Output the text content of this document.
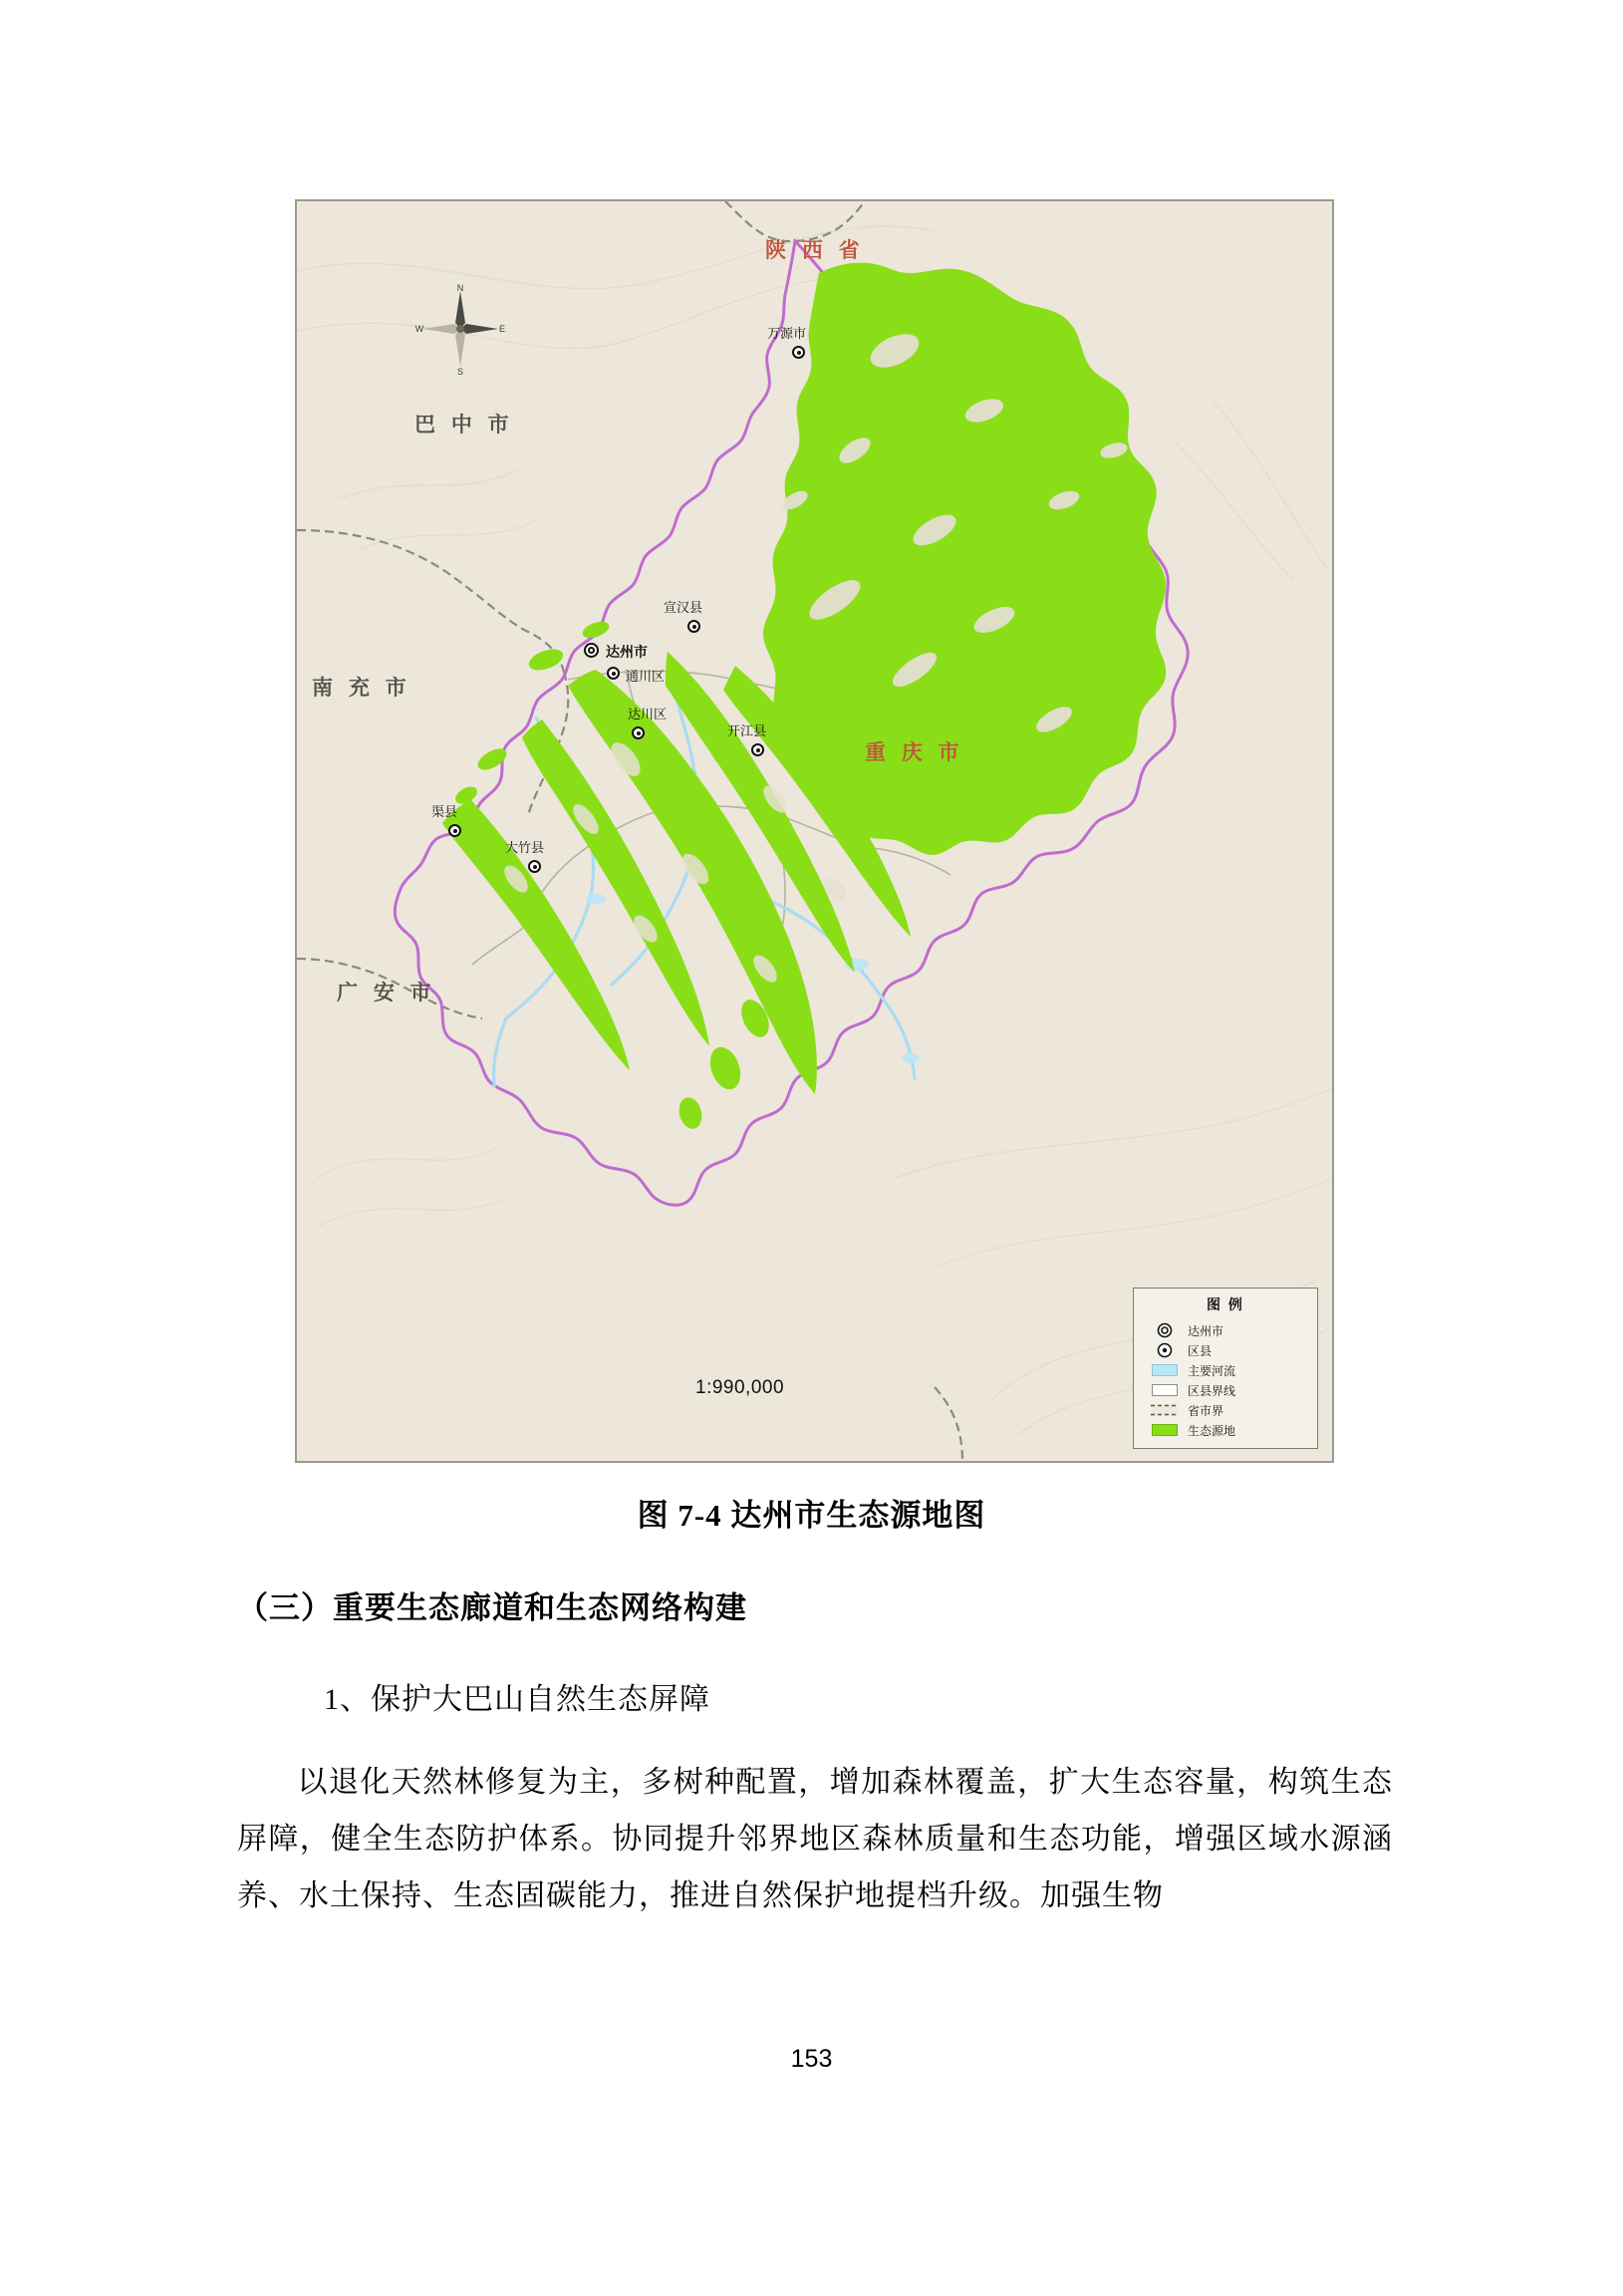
N
S
E
W
陕 西 省
巴 中 市
南 充 市
重 庆 市
广 安 市
万源市
宣汉县
达州市
通川区
达川区
开江县
渠县
大竹县
1:990,000
图 例
达州市
区县
主要河流
区县界线
省市界
生态源地
图 7-4 达州市生态源地图
（三）重要生态廊道和生态网络构建
1、保护大巴山自然生态屏障
以退化天然林修复为主，多树种配置，增加森林覆盖，扩大生态容量，构筑生态屏障，健全生态防护体系。协同提升邻界地区森林质量和生态功能，增强区域水源涵养、水土保持、生态固碳能力，推进自然保护地提档升级。加强生物
153
